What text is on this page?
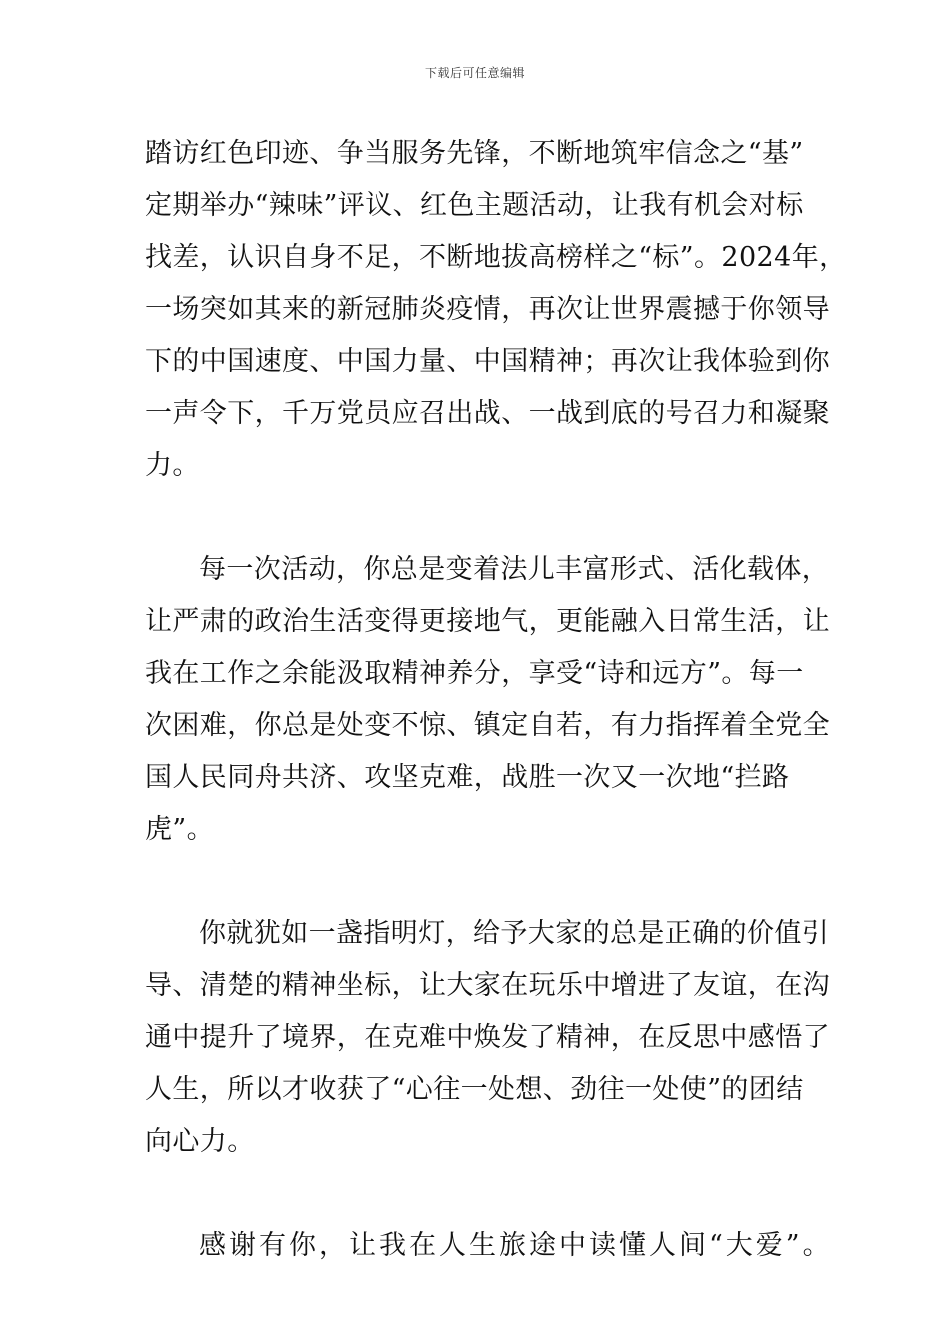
下载后可任意编辑

踏访红色印迹、争当服务先锋，不断地筑牢信念之“基”
定期举办“辣味”评议、红色主题活动，让我有机会对标
找差，认识自身不足，不断地拔高榜样之“标”。2024年，
一场突如其来的新冠肺炎疫情，再次让世界震撼于你领导
下的中国速度、中国力量、中国精神；再次让我体验到你
一声令下，千万党员应召出战、一战到底的号召力和凝聚
力。

每一次活动，你总是变着法儿丰富形式、活化载体，
让严肃的政治生活变得更接地气，更能融入日常生活，让
我在工作之余能汲取精神养分，享受“诗和远方”。每一
次困难，你总是处变不惊、镇定自若，有力指挥着全党全
国人民同舟共济、攻坚克难，战胜一次又一次地“拦路
虎”。

你就犹如一盏指明灯，给予大家的总是正确的价值引
导、清楚的精神坐标，让大家在玩乐中增进了友谊，在沟
通中提升了境界，在克难中焕发了精神，在反思中感悟了
人生，所以才收获了“心往一处想、劲往一处使”的团结
向心力。

感谢有你，让我在人生旅途中读懂人间“大爱”。
